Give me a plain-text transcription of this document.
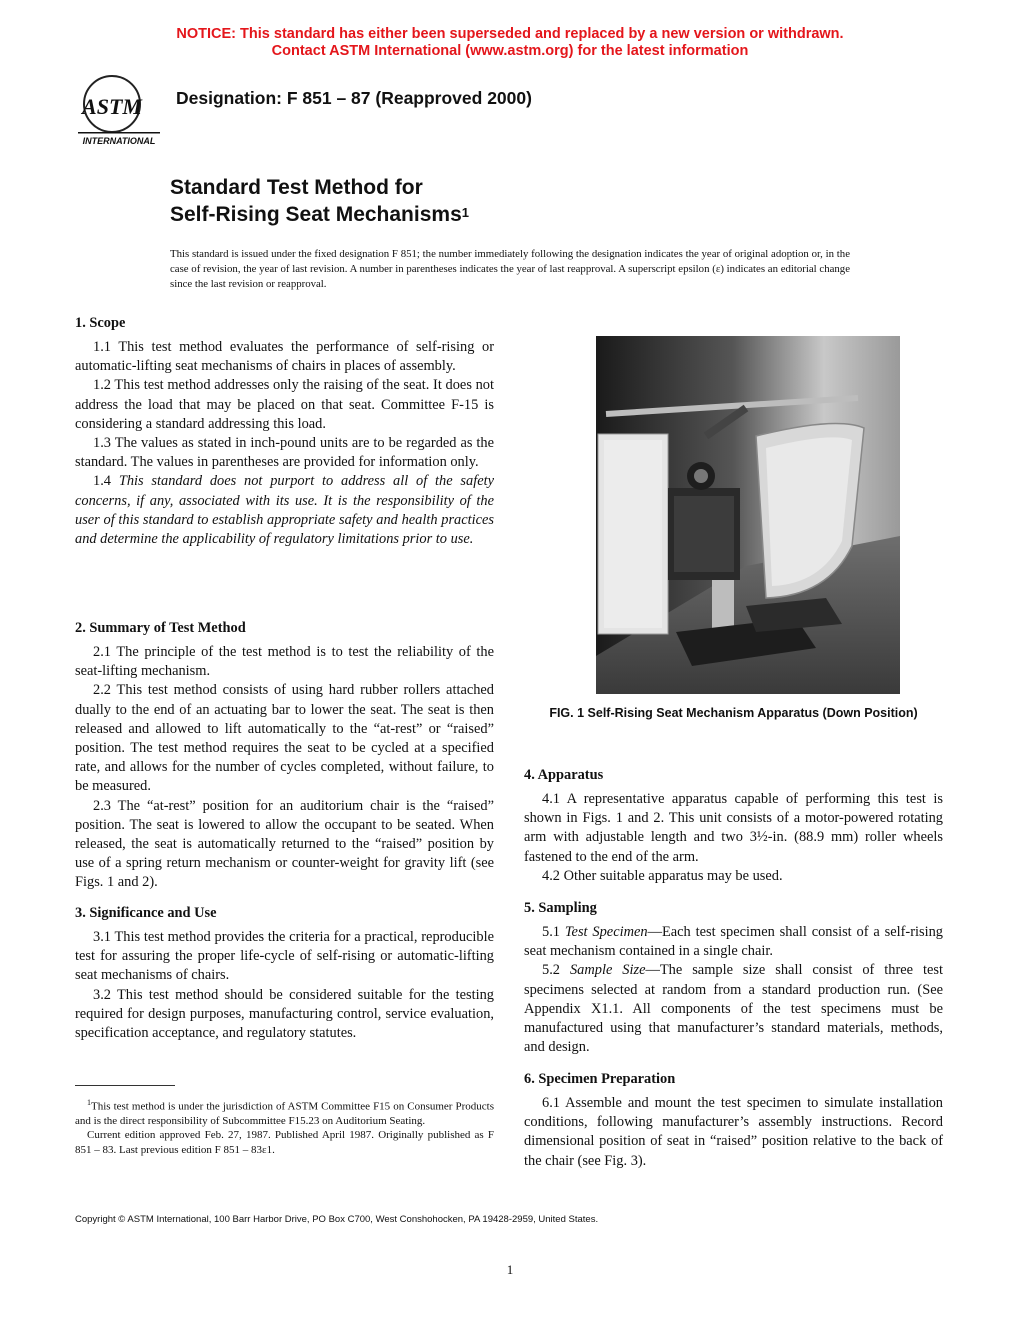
NOTICE: This standard has either been superseded and replaced by a new version or withdrawn.
Contact ASTM International (www.astm.org) for the latest information
ASTM
INTERNATIONAL
Designation: F 851 – 87 (Reapproved 2000)
Standard Test Method for
Self-Rising Seat Mechanisms$^1$
This standard is issued under the fixed designation F 851; the number immediately following the designation indicates the year of original adoption or, in the case of revision, the year of last revision. A number in parentheses indicates the year of last reapproval. A superscript epsilon (ε) indicates an editorial change since the last revision or reapproval.
1. Scope

1.1 This test method evaluates the performance of self-rising or automatic-lifting seat mechanisms of chairs in places of assembly.

1.2 This test method addresses only the raising of the seat. It does not address the load that may be placed on that seat. Committee F-15 is considering a standard addressing this load.

1.3 The values as stated in inch-pound units are to be regarded as the standard. The values in parentheses are provided for information only.

1.4 This standard does not purport to address all of the safety concerns, if any, associated with its use. It is the responsibility of the user of this standard to establish appropriate safety and health practices and determine the applicability of regulatory limitations prior to use.

2. Summary of Test Method

2.1 The principle of the test method is to test the reliability of the seat-lifting mechanism.

2.2 This test method consists of using hard rubber rollers attached dually to the end of an actuating bar to lower the seat. The seat is then released and allowed to lift automatically to the “at-rest” or “raised” position. The test method requires the seat to be cycled at a specified rate, and allows for the number of cycles completed, without failure, to be measured.

2.3 The “at-rest” position for an auditorium chair is the “raised” position. The seat is lowered to allow the occupant to be seated. When released, the seat is automatically returned to the “raised” position by use of a spring return mechanism or counter-weight for gravity lift (see Figs. 1 and 2).

3. Significance and Use

3.1 This test method provides the criteria for a practical, reproducible test for assuring the proper life-cycle of self-rising or automatic-lifting seat mechanisms of chairs.

3.2 This test method should be considered suitable for the testing required for design purposes, manufacturing control, service evaluation, specification acceptance, and regulatory statutes.

$^1$This test method is under the jurisdiction of ASTM Committee F15 on Consumer Products and is the direct responsibility of Subcommittee F15.23 on Auditorium Seating.

Current edition approved Feb. 27, 1987. Published April 1987. Originally published as F 851 – 83. Last previous edition F 851 – 83ε1.

FIG. 1 Self-Rising Seat Mechanism Apparatus (Down Position)
4. Apparatus

4.1 A representative apparatus capable of performing this test is shown in Figs. 1 and 2. This unit consists of a motor-powered rotating arm with adjustable length and two 3½-in. (88.9 mm) roller wheels fastened to the end of the arm.

4.2 Other suitable apparatus may be used.

5. Sampling

5.1 Test Specimen—Each test specimen shall consist of a self-rising seat mechanism contained in a single chair.

5.2 Sample Size—The sample size shall consist of three test specimens selected at random from a standard production run. (See Appendix X1.1. All components of the test specimens must be manufactured using that manufacturer’s standard materials, methods, and design.

6. Specimen Preparation

6.1 Assemble and mount the test specimen to simulate installation conditions, following manufacturer’s assembly instructions. Record dimensional position of seat in “raised” position relative to the back of the chair (see Fig. 3).

Copyright © ASTM International, 100 Barr Harbor Drive, PO Box C700, West Conshohocken, PA 19428-2959, United States.
1
